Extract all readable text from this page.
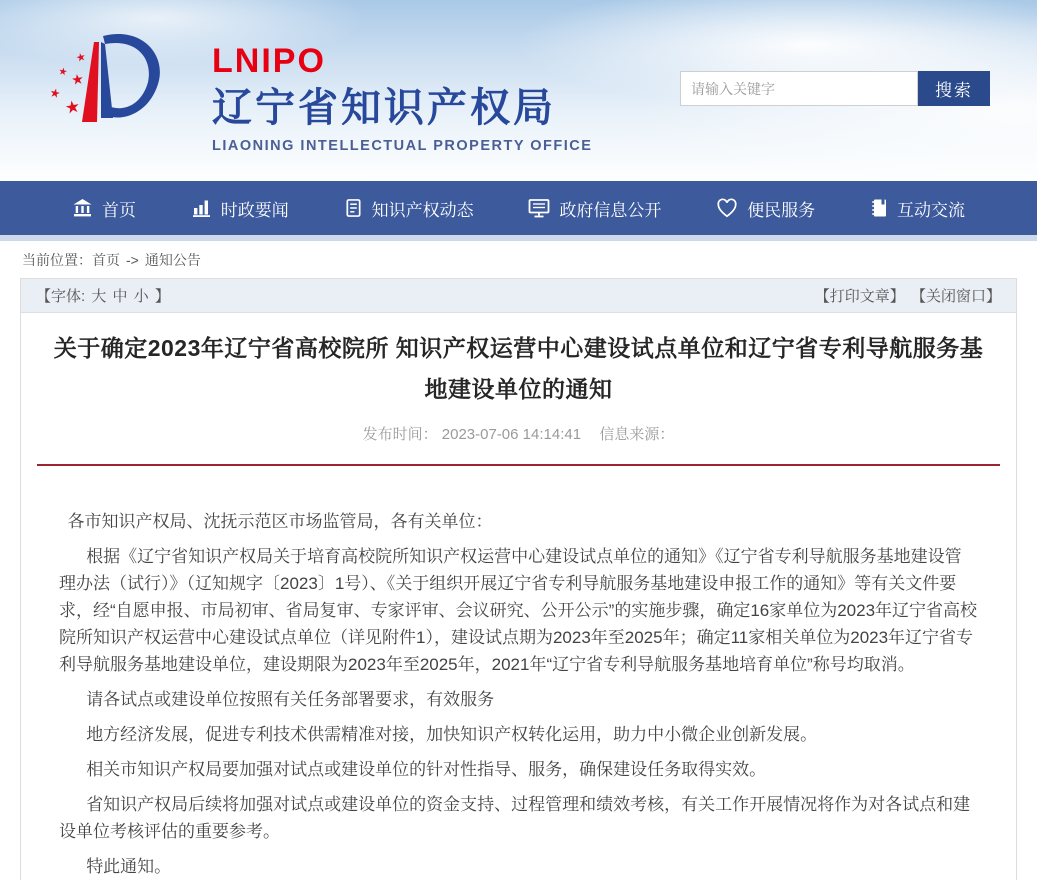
★
★ ★
★
★
LNIPO
辽宁省知识产权局
LIAONING INTELLECTUAL PROPERTY OFFICE
请输入关键字
搜索
首页	时政要闻	知识产权动态	政府信息公开	便民服务	互动交流
当前位置： 首页 -> 通知公告
【字体: 大 中 小 】	【打印文章】 【关闭窗口】
关于确定2023年辽宁省高校院所 知识产权运营中心建设试点单位和辽宁省专利导航服务基地建设单位的通知
发布时间： 2023-07-06 14:14:41 信息来源：

各市知识产权局、沈抚示范区市场监管局，各有关单位：

根据《辽宁省知识产权局关于培育高校院所知识产权运营中心建设试点单位的通知》《辽宁省专利导航服务基地建设管理办法（试行）》（辽知规字〔2023〕1号）、《关于组织开展辽宁省专利导航服务基地建设申报工作的通知》等有关文件要求，经“自愿申报、市局初审、省局复审、专家评审、会议研究、公开公示”的实施步骤，确定16家单位为2023年辽宁省高校院所知识产权运营中心建设试点单位（详见附件1），建设试点期为2023年至2025年；确定11家相关单位为2023年辽宁省专利导航服务基地建设单位，建设期限为2023年至2025年，2021年“辽宁省专利导航服务基地培育单位”称号均取消。

请各试点或建设单位按照有关任务部署要求，有效服务

地方经济发展，促进专利技术供需精准对接，加快知识产权转化运用，助力中小微企业创新发展。

相关市知识产权局要加强对试点或建设单位的针对性指导、服务，确保建设任务取得实效。

省知识产权局后续将加强对试点或建设单位的资金支持、过程管理和绩效考核，有关工作开展情况将作为对各试点和建设单位考核评估的重要参考。

特此通知。
